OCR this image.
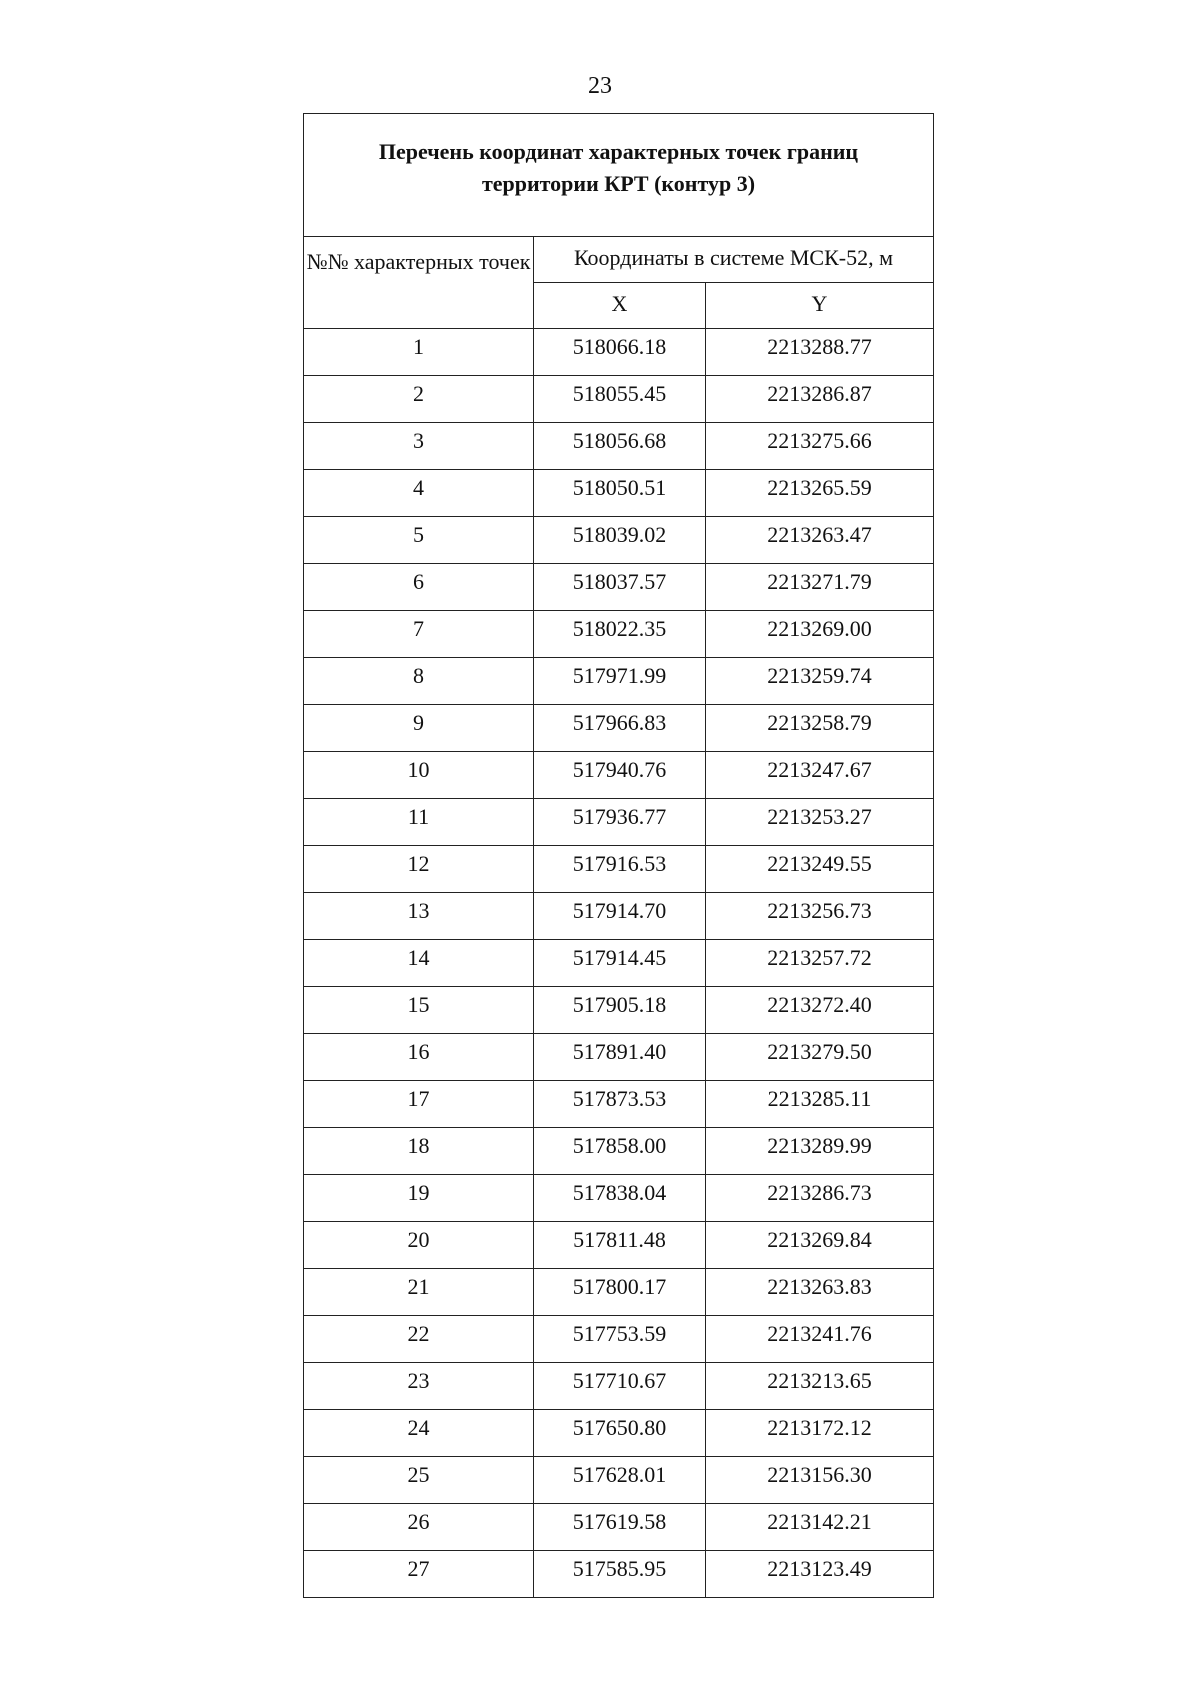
23
Перечень координат характерных точек границ территории КРТ (контур 3)		

№№ характерных точек	Координаты в системе МСК-52, м	
	X	Y
1	518066.18	2213288.77
2	518055.45	2213286.87
3	518056.68	2213275.66
4	518050.51	2213265.59
5	518039.02	2213263.47
6	518037.57	2213271.79
7	518022.35	2213269.00
8	517971.99	2213259.74
9	517966.83	2213258.79
10	517940.76	2213247.67
11	517936.77	2213253.27
12	517916.53	2213249.55
13	517914.70	2213256.73
14	517914.45	2213257.72
15	517905.18	2213272.40
16	517891.40	2213279.50
17	517873.53	2213285.11
18	517858.00	2213289.99
19	517838.04	2213286.73
20	517811.48	2213269.84
21	517800.17	2213263.83
22	517753.59	2213241.76
23	517710.67	2213213.65
24	517650.80	2213172.12
25	517628.01	2213156.30
26	517619.58	2213142.21
27	517585.95	2213123.49
